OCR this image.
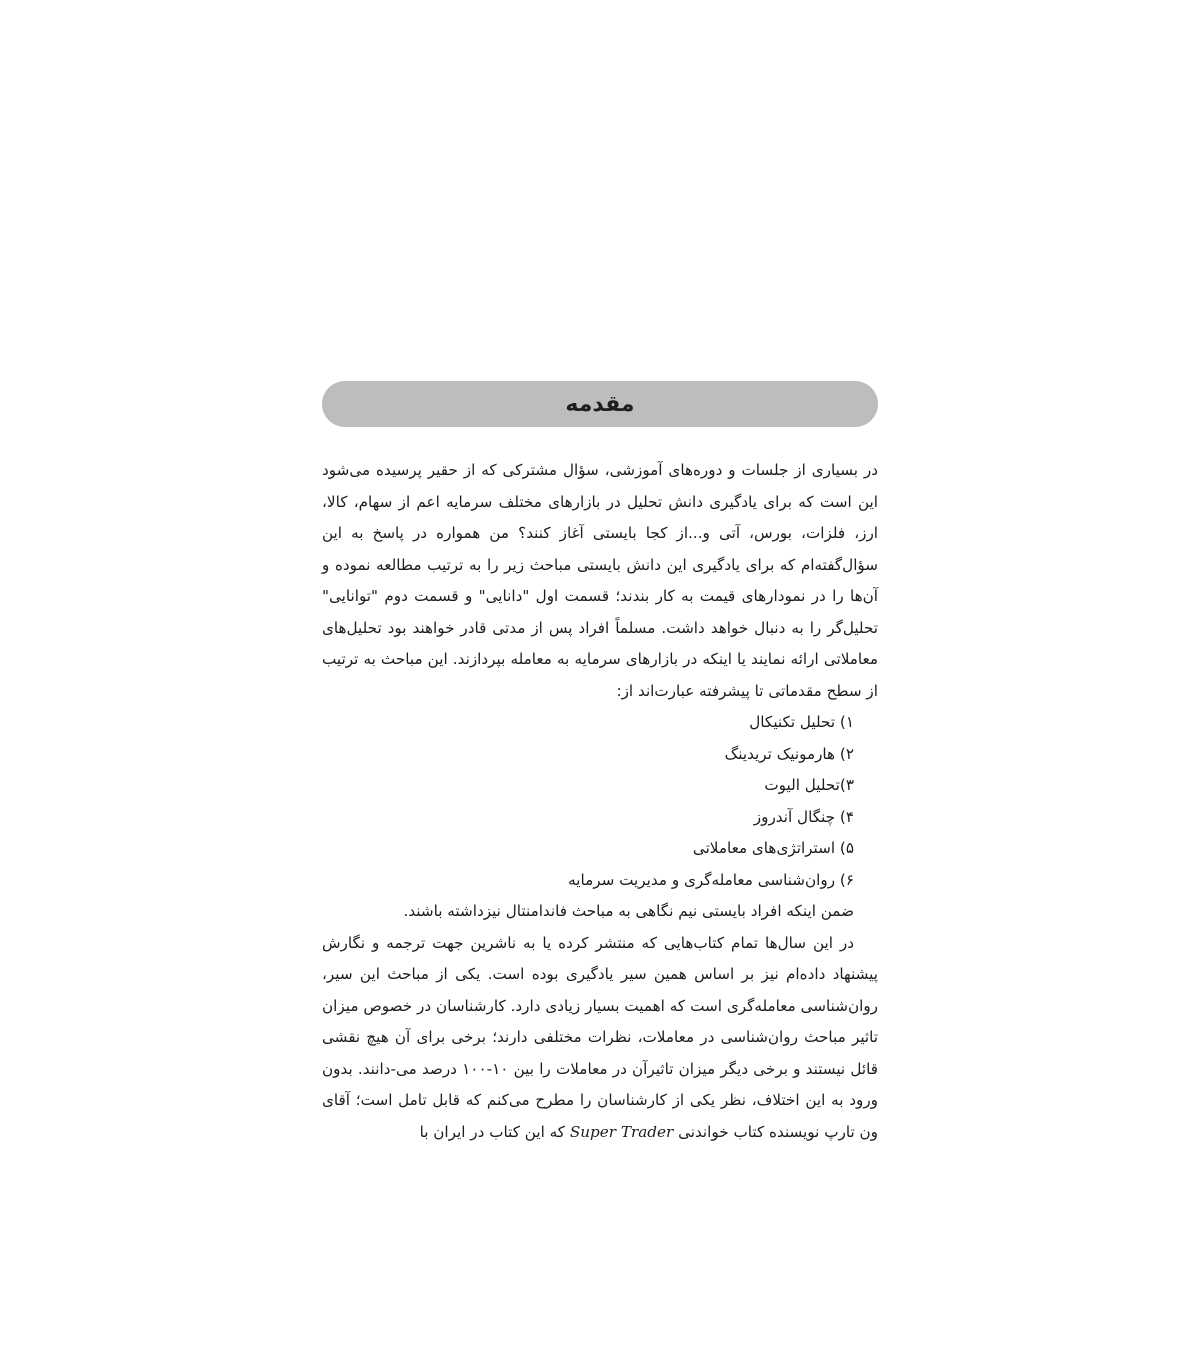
مقدمه

در بسیاری از جلسات و دوره‌های آموزشی، سؤال مشترکی که از حقیر پرسیده می‌شود این است که برای یادگیری دانش تحلیل در بازارهای مختلف سرمایه اعم از سهام، کالا، ارز، فلزات، بورس، آتی و...از کجا بایستی آغاز کنند؟ من همواره در پاسخ به این سؤال‌گفته‌ام که برای یادگیری این دانش بایستی مباحث زیر را به ترتیب مطالعه نموده و آن‌ها را در نمودارهای قیمت به کار بندند؛ قسمت اول "دانایی" و قسمت دوم "توانایی" تحلیل‌گر را به دنبال خواهد داشت. مسلماً افراد پس از مدتی قادر خواهند بود تحلیل‌های معاملاتی ارائه نمایند یا اینکه در بازارهای سرمایه به معامله بپردازند. این مباحث به ترتیب از سطح مقدماتی تا پیشرفته عبارت‌اند از:

۱) تحلیل تکنیکال
۲) هارمونیک تریدینگ
۳)تحلیل الیوت
۴) چنگال آندروز
۵) استراتژی‌های معاملاتی
۶) روان‌شناسی معامله‌گری و مدیریت سرمایه

ضمن اینکه افراد بایستی نیم نگاهی به مباحث فاندامنتال نیزداشته باشند.

در این سال‌ها تمام کتاب‌هایی که منتشر کرده یا به ناشرین جهت ترجمه و نگارش پیشنهاد داده‌ام نیز بر اساس همین سیر یادگیری بوده است. یکی از مباحث این سیر، روان‌شناسی معامله‌گری است که اهمیت بسیار زیادی دارد. کارشناسان در خصوص میزان تاثیر مباحث روان‌شناسی در معاملات، نظرات مختلفی دارند؛ برخی برای آن هیچ نقشی قائل نیستند و برخی دیگر میزان تاثیرآن در معاملات را بین ۱۰-۱۰۰ درصد می-دانند. بدون ورود به این اختلاف، نظر یکی از کارشناسان را مطرح می‌کنم که قابل تامل است؛ آقای ون تارپ نویسنده کتاب خواندنی Super Trader که این کتاب در ایران با
